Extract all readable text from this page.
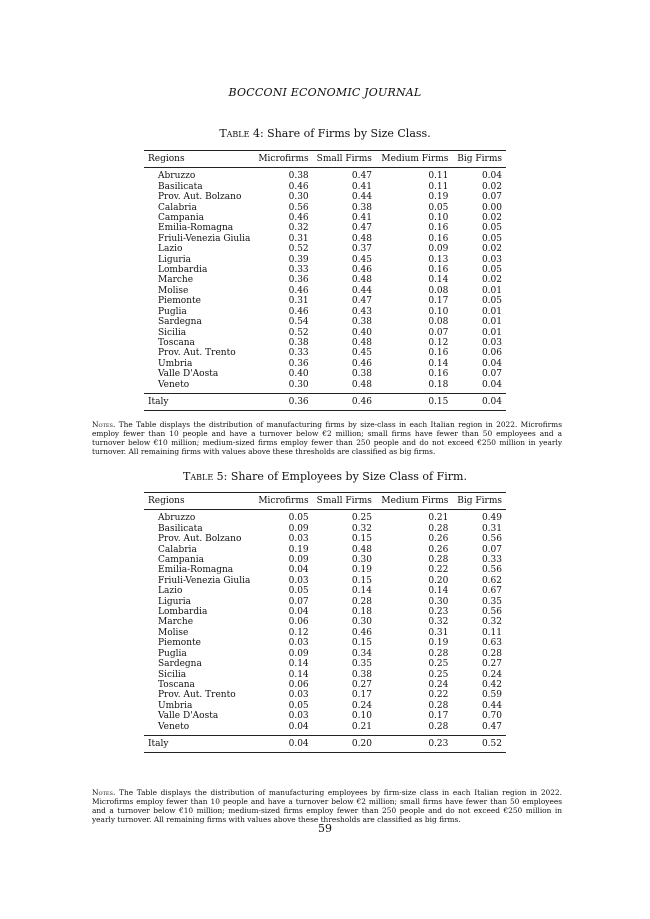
BOCCONI ECONOMIC JOURNAL
Table 4: Share of Firms by Size Class.
Regions	Microfirms	Small Firms	Medium Firms	Big Firms
Abruzzo	0.38	0.47	0.11	0.04
Basilicata	0.46	0.41	0.11	0.02
Prov. Aut. Bolzano	0.30	0.44	0.19	0.07
Calabria	0.56	0.38	0.05	0.00
Campania	0.46	0.41	0.10	0.02
Emilia-Romagna	0.32	0.47	0.16	0.05
Friuli-Venezia Giulia	0.31	0.48	0.16	0.05
Lazio	0.52	0.37	0.09	0.02
Liguria	0.39	0.45	0.13	0.03
Lombardia	0.33	0.46	0.16	0.05
Marche	0.36	0.48	0.14	0.02
Molise	0.46	0.44	0.08	0.01
Piemonte	0.31	0.47	0.17	0.05
Puglia	0.46	0.43	0.10	0.01
Sardegna	0.54	0.38	0.08	0.01
Sicilia	0.52	0.40	0.07	0.01
Toscana	0.38	0.48	0.12	0.03
Prov. Aut. Trento	0.33	0.45	0.16	0.06
Umbria	0.36	0.46	0.14	0.04
Valle D'Aosta	0.40	0.38	0.16	0.07
Veneto	0.30	0.48	0.18	0.04
Italy	0.36	0.46	0.15	0.04
Notes. The Table displays the distribution of manufacturing firms by size-class in each Italian region in 2022. Microfirms employ fewer than 10 people and have a turnover below €2 million; small firms have fewer than 50 employees and a turnover below €10 million; medium-sized firms employ fewer than 250 people and do not exceed €250 million in yearly turnover. All remaining firms with values above these thresholds are classified as big firms.
Table 5: Share of Employees by Size Class of Firm.
Regions	Microfirms	Small Firms	Medium Firms	Big Firms
Abruzzo	0.05	0.25	0.21	0.49
Basilicata	0.09	0.32	0.28	0.31
Prov. Aut. Bolzano	0.03	0.15	0.26	0.56
Calabria	0.19	0.48	0.26	0.07
Campania	0.09	0.30	0.28	0.33
Emilia-Romagna	0.04	0.19	0.22	0.56
Friuli-Venezia Giulia	0.03	0.15	0.20	0.62
Lazio	0.05	0.14	0.14	0.67
Liguria	0.07	0.28	0.30	0.35
Lombardia	0.04	0.18	0.23	0.56
Marche	0.06	0.30	0.32	0.32
Molise	0.12	0.46	0.31	0.11
Piemonte	0.03	0.15	0.19	0.63
Puglia	0.09	0.34	0.28	0.28
Sardegna	0.14	0.35	0.25	0.27
Sicilia	0.14	0.38	0.25	0.24
Toscana	0.06	0.27	0.24	0.42
Prov. Aut. Trento	0.03	0.17	0.22	0.59
Umbria	0.05	0.24	0.28	0.44
Valle D'Aosta	0.03	0.10	0.17	0.70
Veneto	0.04	0.21	0.28	0.47
Italy	0.04	0.20	0.23	0.52
Notes. The Table displays the distribution of manufacturing employees by firm-size class in each Italian region in 2022. Microfirms employ fewer than 10 people and have a turnover below €2 million; small firms have fewer than 50 employees and a turnover below €10 million; medium-sized firms employ fewer than 250 people and do not exceed €250 million in yearly turnover. All remaining firms with values above these thresholds are classified as big firms.
59
